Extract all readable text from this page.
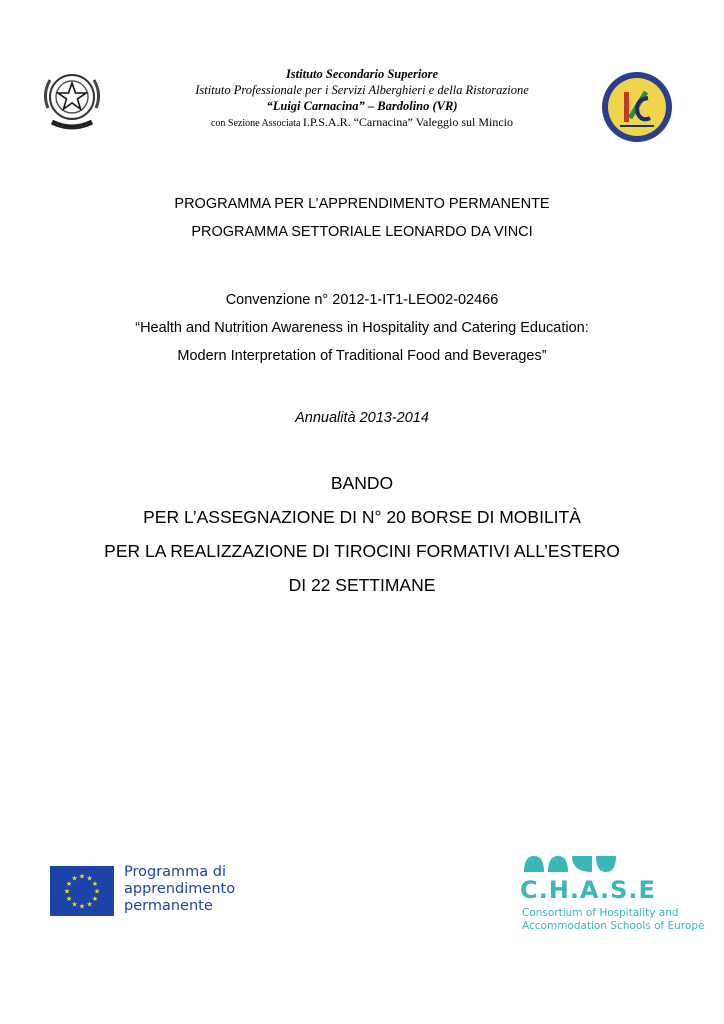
Istituto Secondario Superiore
Istituto Professionale per i Servizi Alberghieri e della Ristorazione
“Luigi Carnacina” – Bardolino (VR)
con Sezione Associata I.P.S.A.R. “Carnacina” Valeggio sul Mincio
PROGRAMMA PER L’APPRENDIMENTO PERMANENTE
PROGRAMMA SETTORIALE LEONARDO DA VINCI
Convenzione n° 2012-1-IT1-LEO02-02466
“Health and Nutrition Awareness in Hospitality and Catering Education:
Modern Interpretation of Traditional Food and Beverages”
Annualità 2013-2014
BANDO
PER L’ASSEGNAZIONE DI N° 20 BORSE DI MOBILITÀ
PER LA REALIZZAZIONE DI TIROCINI FORMATIVI ALL’ESTERO
DI 22 SETTIMANE
★ ★
★
★
★
★
★
★
★
★
★
★	Programma di
apprendimento
permanente
C.H.A.S.E
Consortium of Hospitality and
Accommodation Schools of Europe
